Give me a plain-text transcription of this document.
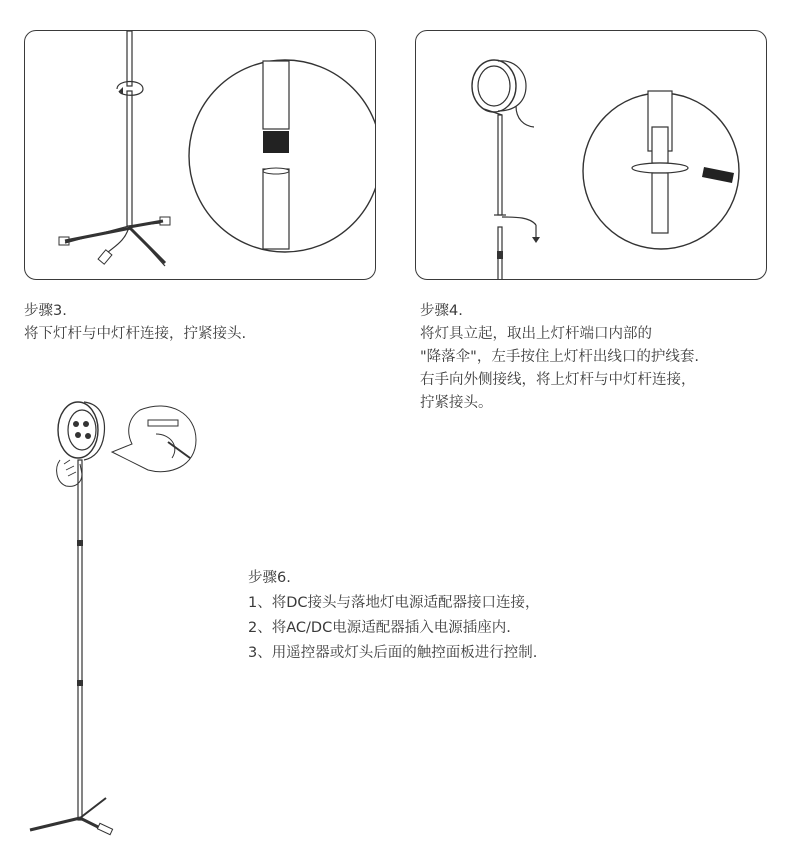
步骤3.
将下灯杆与中灯杆连接，拧紧接头.
步骤4.
将灯具立起，取出上灯杆端口内部的
"降落伞"，左手按住上灯杆出线口的护线套.
右手向外侧接线，将上灯杆与中灯杆连接，
拧紧接头。
步骤6.
1、将DC接头与落地灯电源适配器接口连接，
2、将AC/DC电源适配器插入电源插座内.
3、用遥控器或灯头后面的触控面板进行控制.
